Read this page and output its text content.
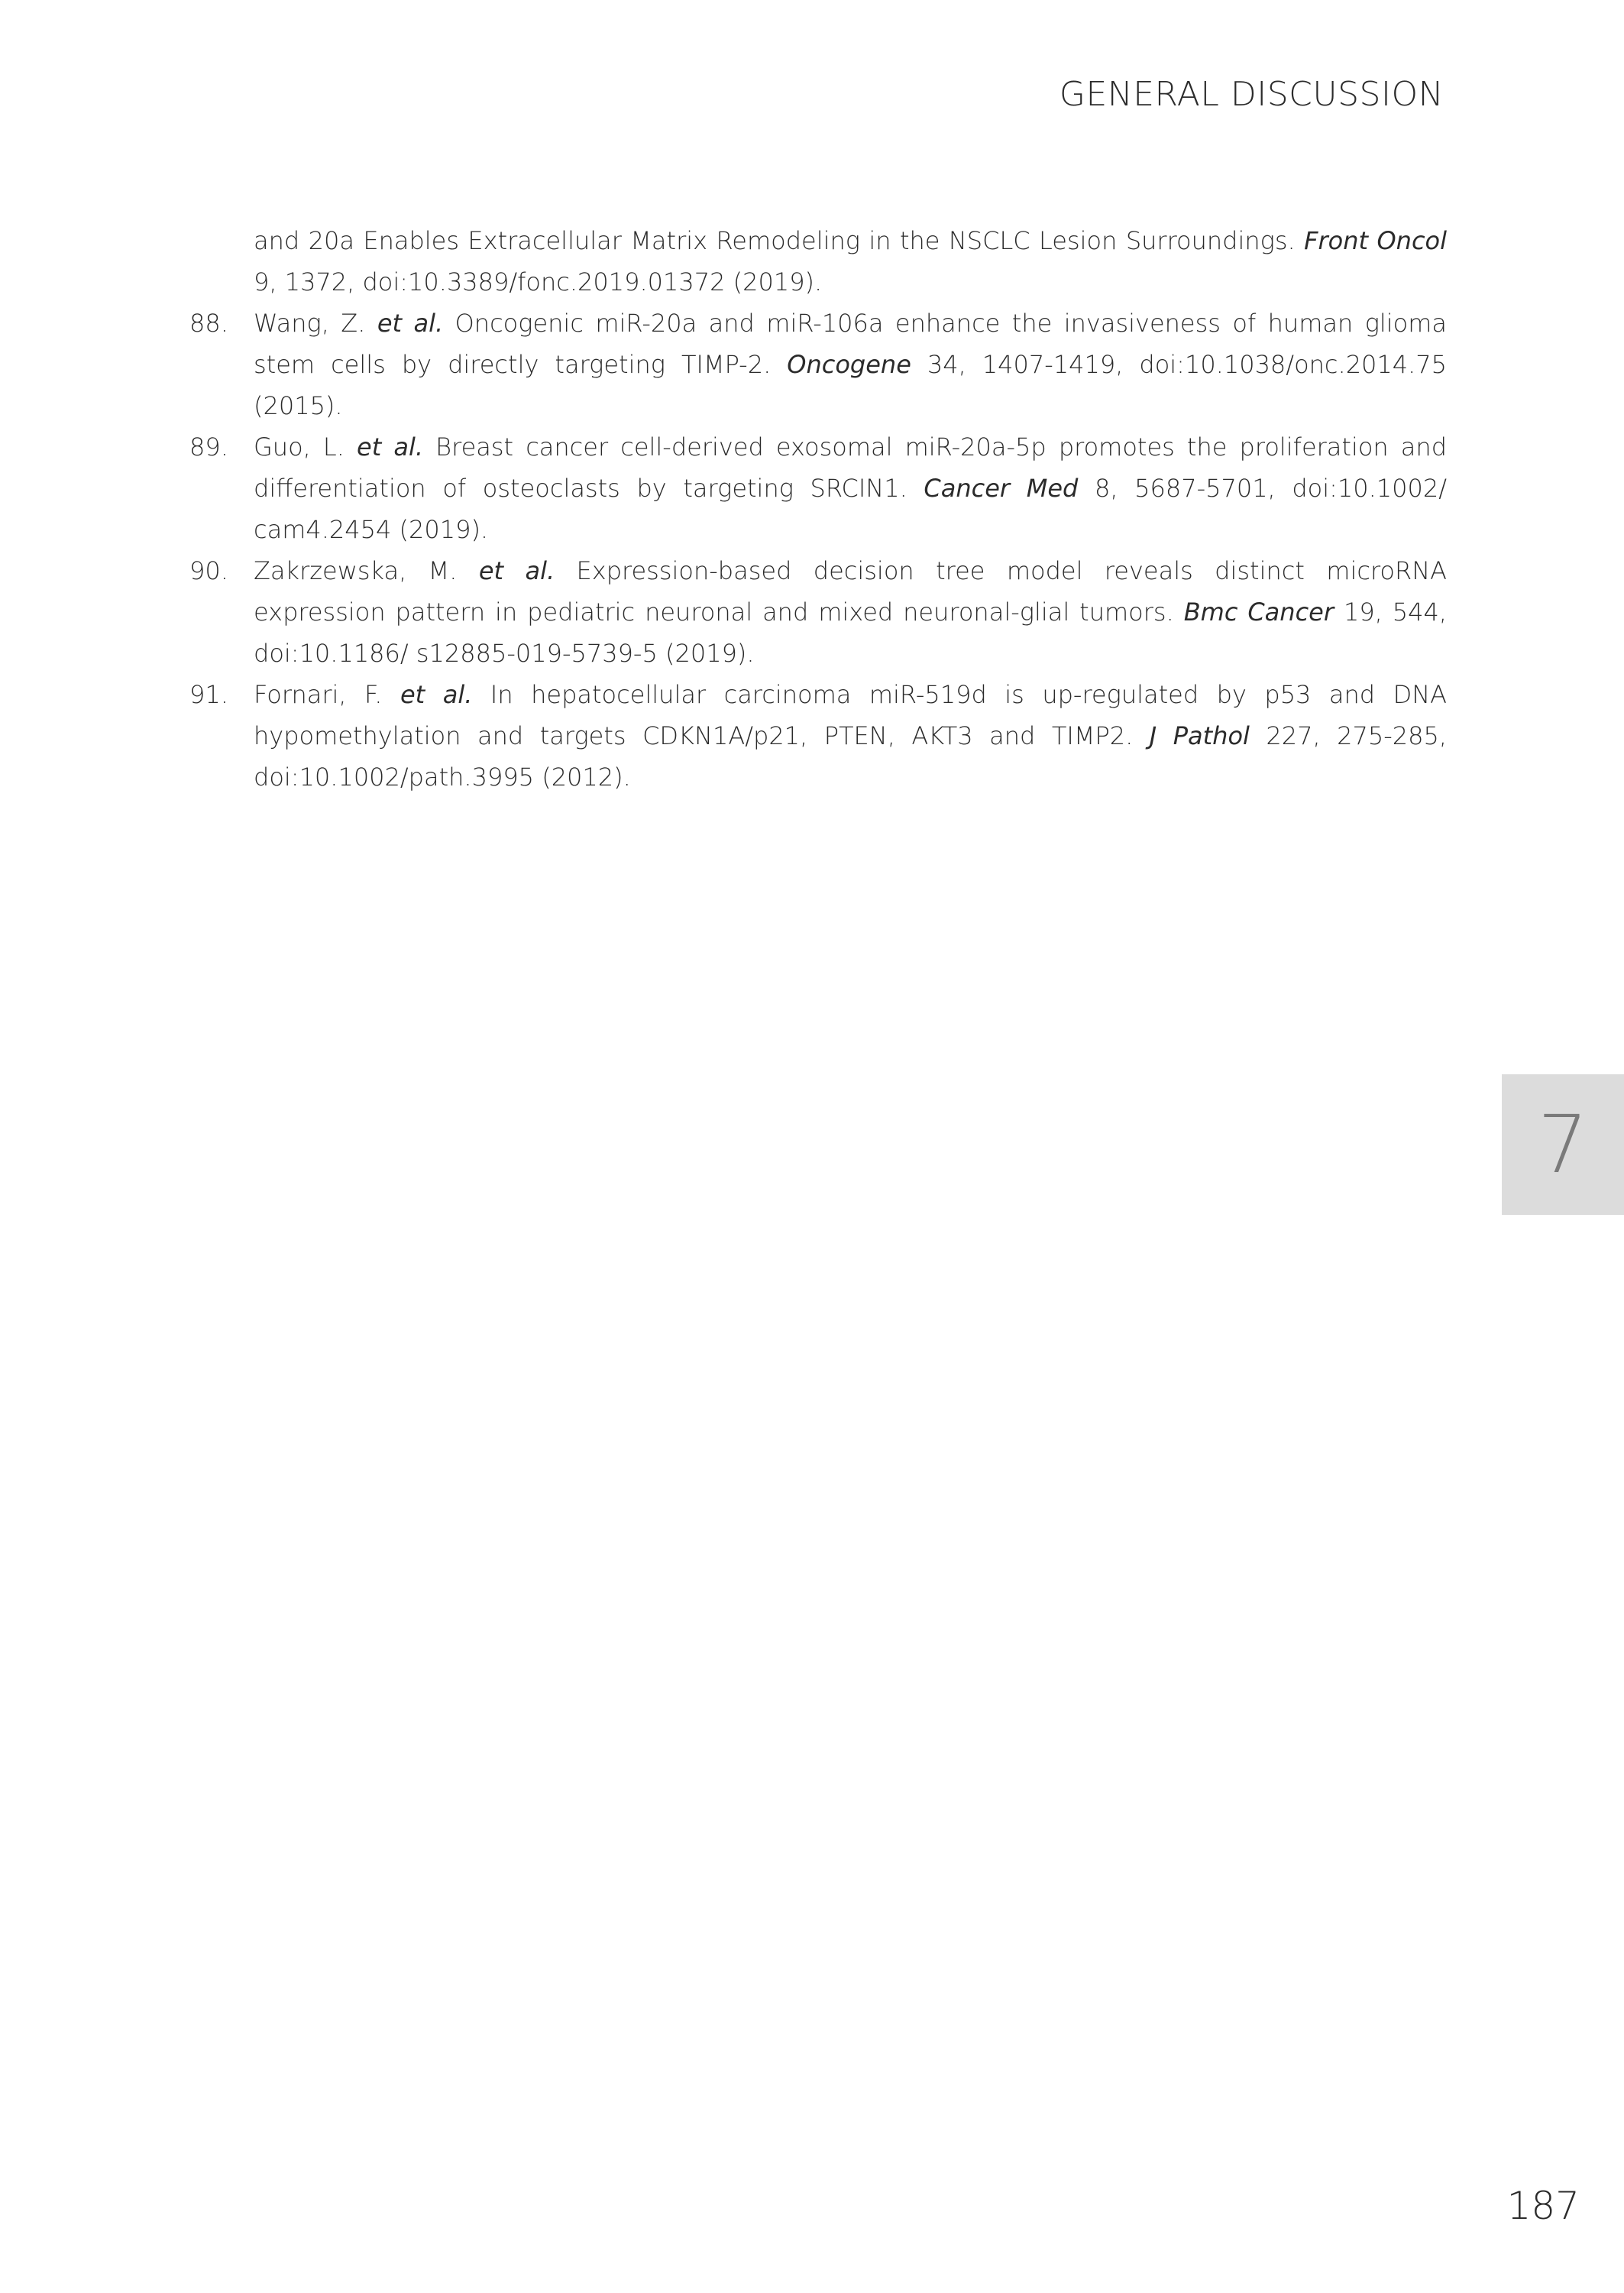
GENERAL DISCUSSION

and 20a Enables Extracellular Matrix Remodeling in the NSCLC Lesion Surroundings. Front Oncol 9, 1372, doi:10.3389/fonc.2019.01372 (2019).

88. Wang, Z. et al. Oncogenic miR-20a and miR-106a enhance the invasiveness of human glioma stem cells by directly targeting TIMP-2. Oncogene 34, 1407-1419, doi:10.1038/onc.2014.75 (2015).

89. Guo, L. et al. Breast cancer cell-derived exosomal miR-20a-5p promotes the proliferation and differentiation of osteoclasts by targeting SRCIN1. Cancer Med 8, 5687-5701, doi:10.1002/ cam4.2454 (2019).

90. Zakrzewska, M. et al. Expression-based decision tree model reveals distinct microRNA expression pattern in pediatric neuronal and mixed neuronal-glial tumors. Bmc Cancer 19, 544, doi:10.1186/ s12885-019-5739-5 (2019).

91. Fornari, F. et al. In hepatocellular carcinoma miR-519d is up-regulated by p53 and DNA hypomethylation and targets CDKN1A/p21, PTEN, AKT3 and TIMP2. J Pathol 227, 275-285, doi:10.1002/path.3995 (2012).

7
187
